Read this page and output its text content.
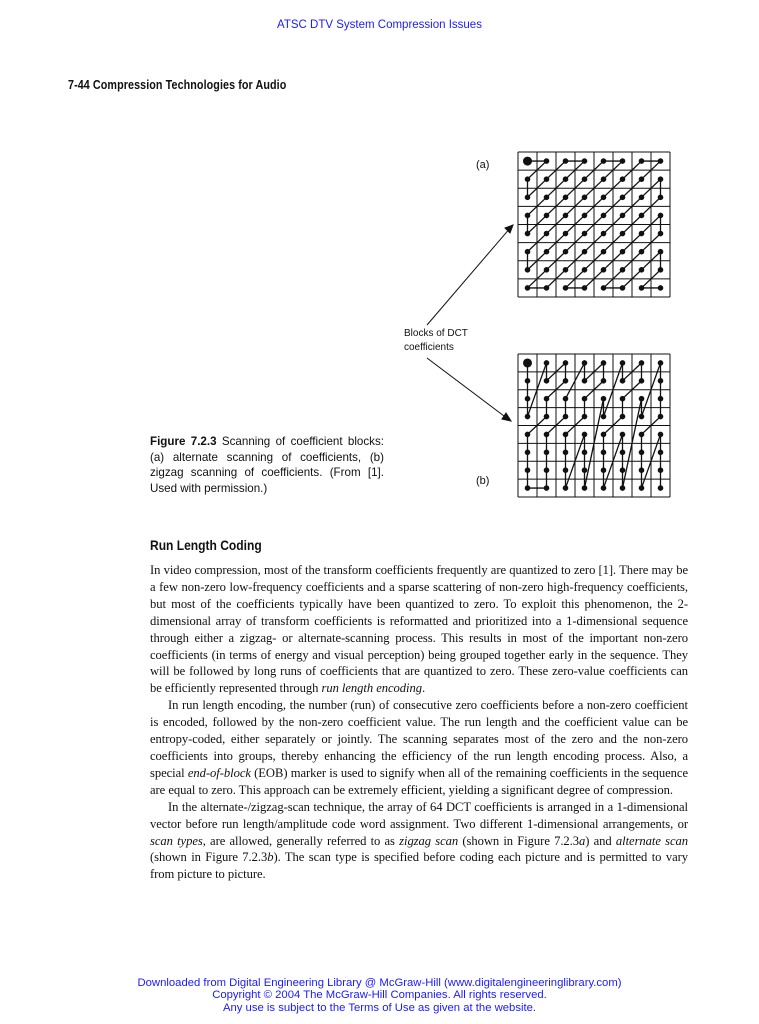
ATSC DTV System Compression Issues
7-44 Compression Technologies for Audio
(a)
(b)
Blocks of DCT
coefficients
Figure 7.2.3 Scanning of coefficient blocks: (a) alternate scanning of coefficients, (b) zigzag scanning of coefficients. (From [1]. Used with permission.)
Run Length Coding

In video compression, most of the transform coefficients frequently are quantized to zero [1]. There may be a few non-zero low-frequency coefficients and a sparse scattering of non-zero high-frequency coefficients, but most of the coefficients typically have been quantized to zero. To exploit this phenomenon, the 2-dimensional array of transform coefficients is reformatted and prioritized into a 1-dimensional sequence through either a zigzag- or alternate-scanning process. This results in most of the important non-zero coefficients (in terms of energy and visual perception) being grouped together early in the sequence. They will be followed by long runs of coefficients that are quantized to zero. These zero-value coefficients can be efficiently represented through run length encoding.

In run length encoding, the number (run) of consecutive zero coefficients before a non-zero coefficient is encoded, followed by the non-zero coefficient value. The run length and the coefficient value can be entropy-coded, either separately or jointly. The scanning separates most of the zero and the non-zero coefficients into groups, thereby enhancing the efficiency of the run length encoding process. Also, a special end-of-block (EOB) marker is used to signify when all of the remaining coefficients in the sequence are equal to zero. This approach can be extremely efficient, yielding a significant degree of compression.

In the alternate-/zigzag-scan technique, the array of 64 DCT coefficients is arranged in a 1-dimensional vector before run length/amplitude code word assignment. Two different 1-dimensional arrangements, or scan types, are allowed, generally referred to as zigzag scan (shown in Figure 7.2.3a) and alternate scan (shown in Figure 7.2.3b). The scan type is specified before coding each picture and is permitted to vary from picture to picture.

Downloaded from Digital Engineering Library @ McGraw-Hill (www.digitalengineeringlibrary.com)
Copyright © 2004 The McGraw-Hill Companies. All rights reserved.
Any use is subject to the Terms of Use as given at the website.
